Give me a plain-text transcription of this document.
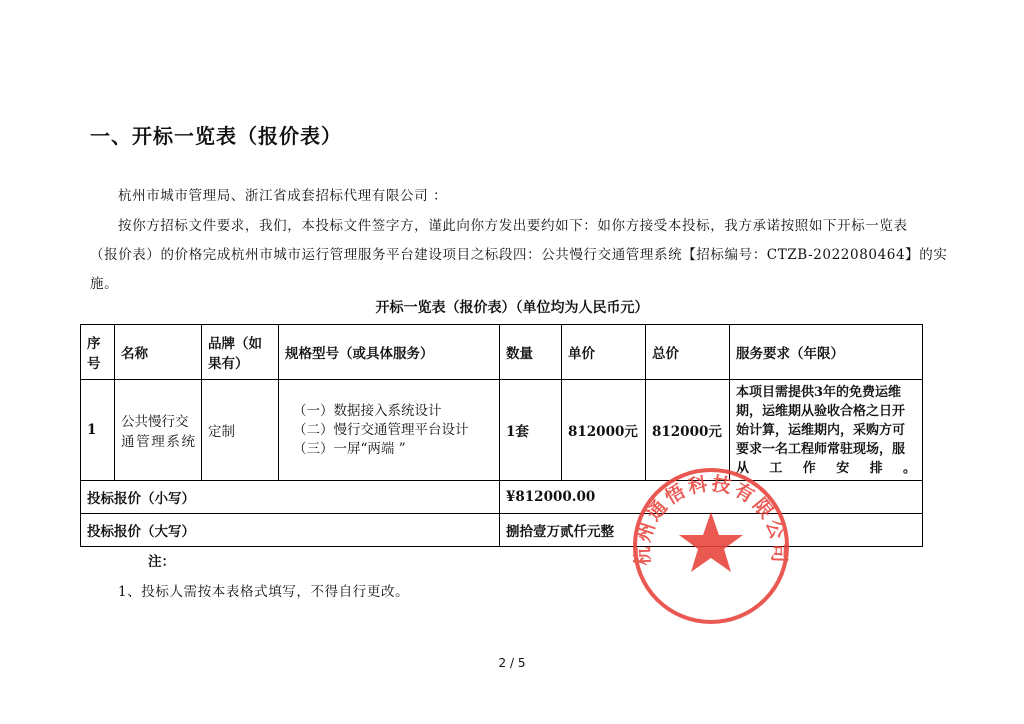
一、开标一览表（报价表）
杭州市城市管理局、浙江省成套招标代理有限公司 ：
按你方招标文件要求，我们，本投标文件签字方，谨此向你方发出要约如下：如你方接受本投标，我方承诺按照如下开标一览表
（报价表）的价格完成杭州市城市运行管理服务平台建设项目之标段四：公共慢行交通管理系统【招标编号：CTZB-2022080464】的实
施。
开标一览表（报价表）（单位均为人民币元）
序号	名称	品牌（如果有）	规格型号（或具体服务）	数量	单价	总价	服务要求（年限）
1	公共慢行交通管理系统	定制	（一）数据接入系统设计
（二）慢行交通管理平台设计
（三）一屏“两端 ”	1套	812000元	812000元	本项目需提供3年的免费运维期，运维期从验收合格之日开始计算，运维期内，采购方可要求一名工程师常驻现场，服从工作安排。
投标报价（小写）				¥812000.00			
投标报价（大写）				捌拾壹万贰仟元整			
注：
1、投标人需按本表格式填写，不得自行更改。
2 / 5
杭州通悟科技有限公司
